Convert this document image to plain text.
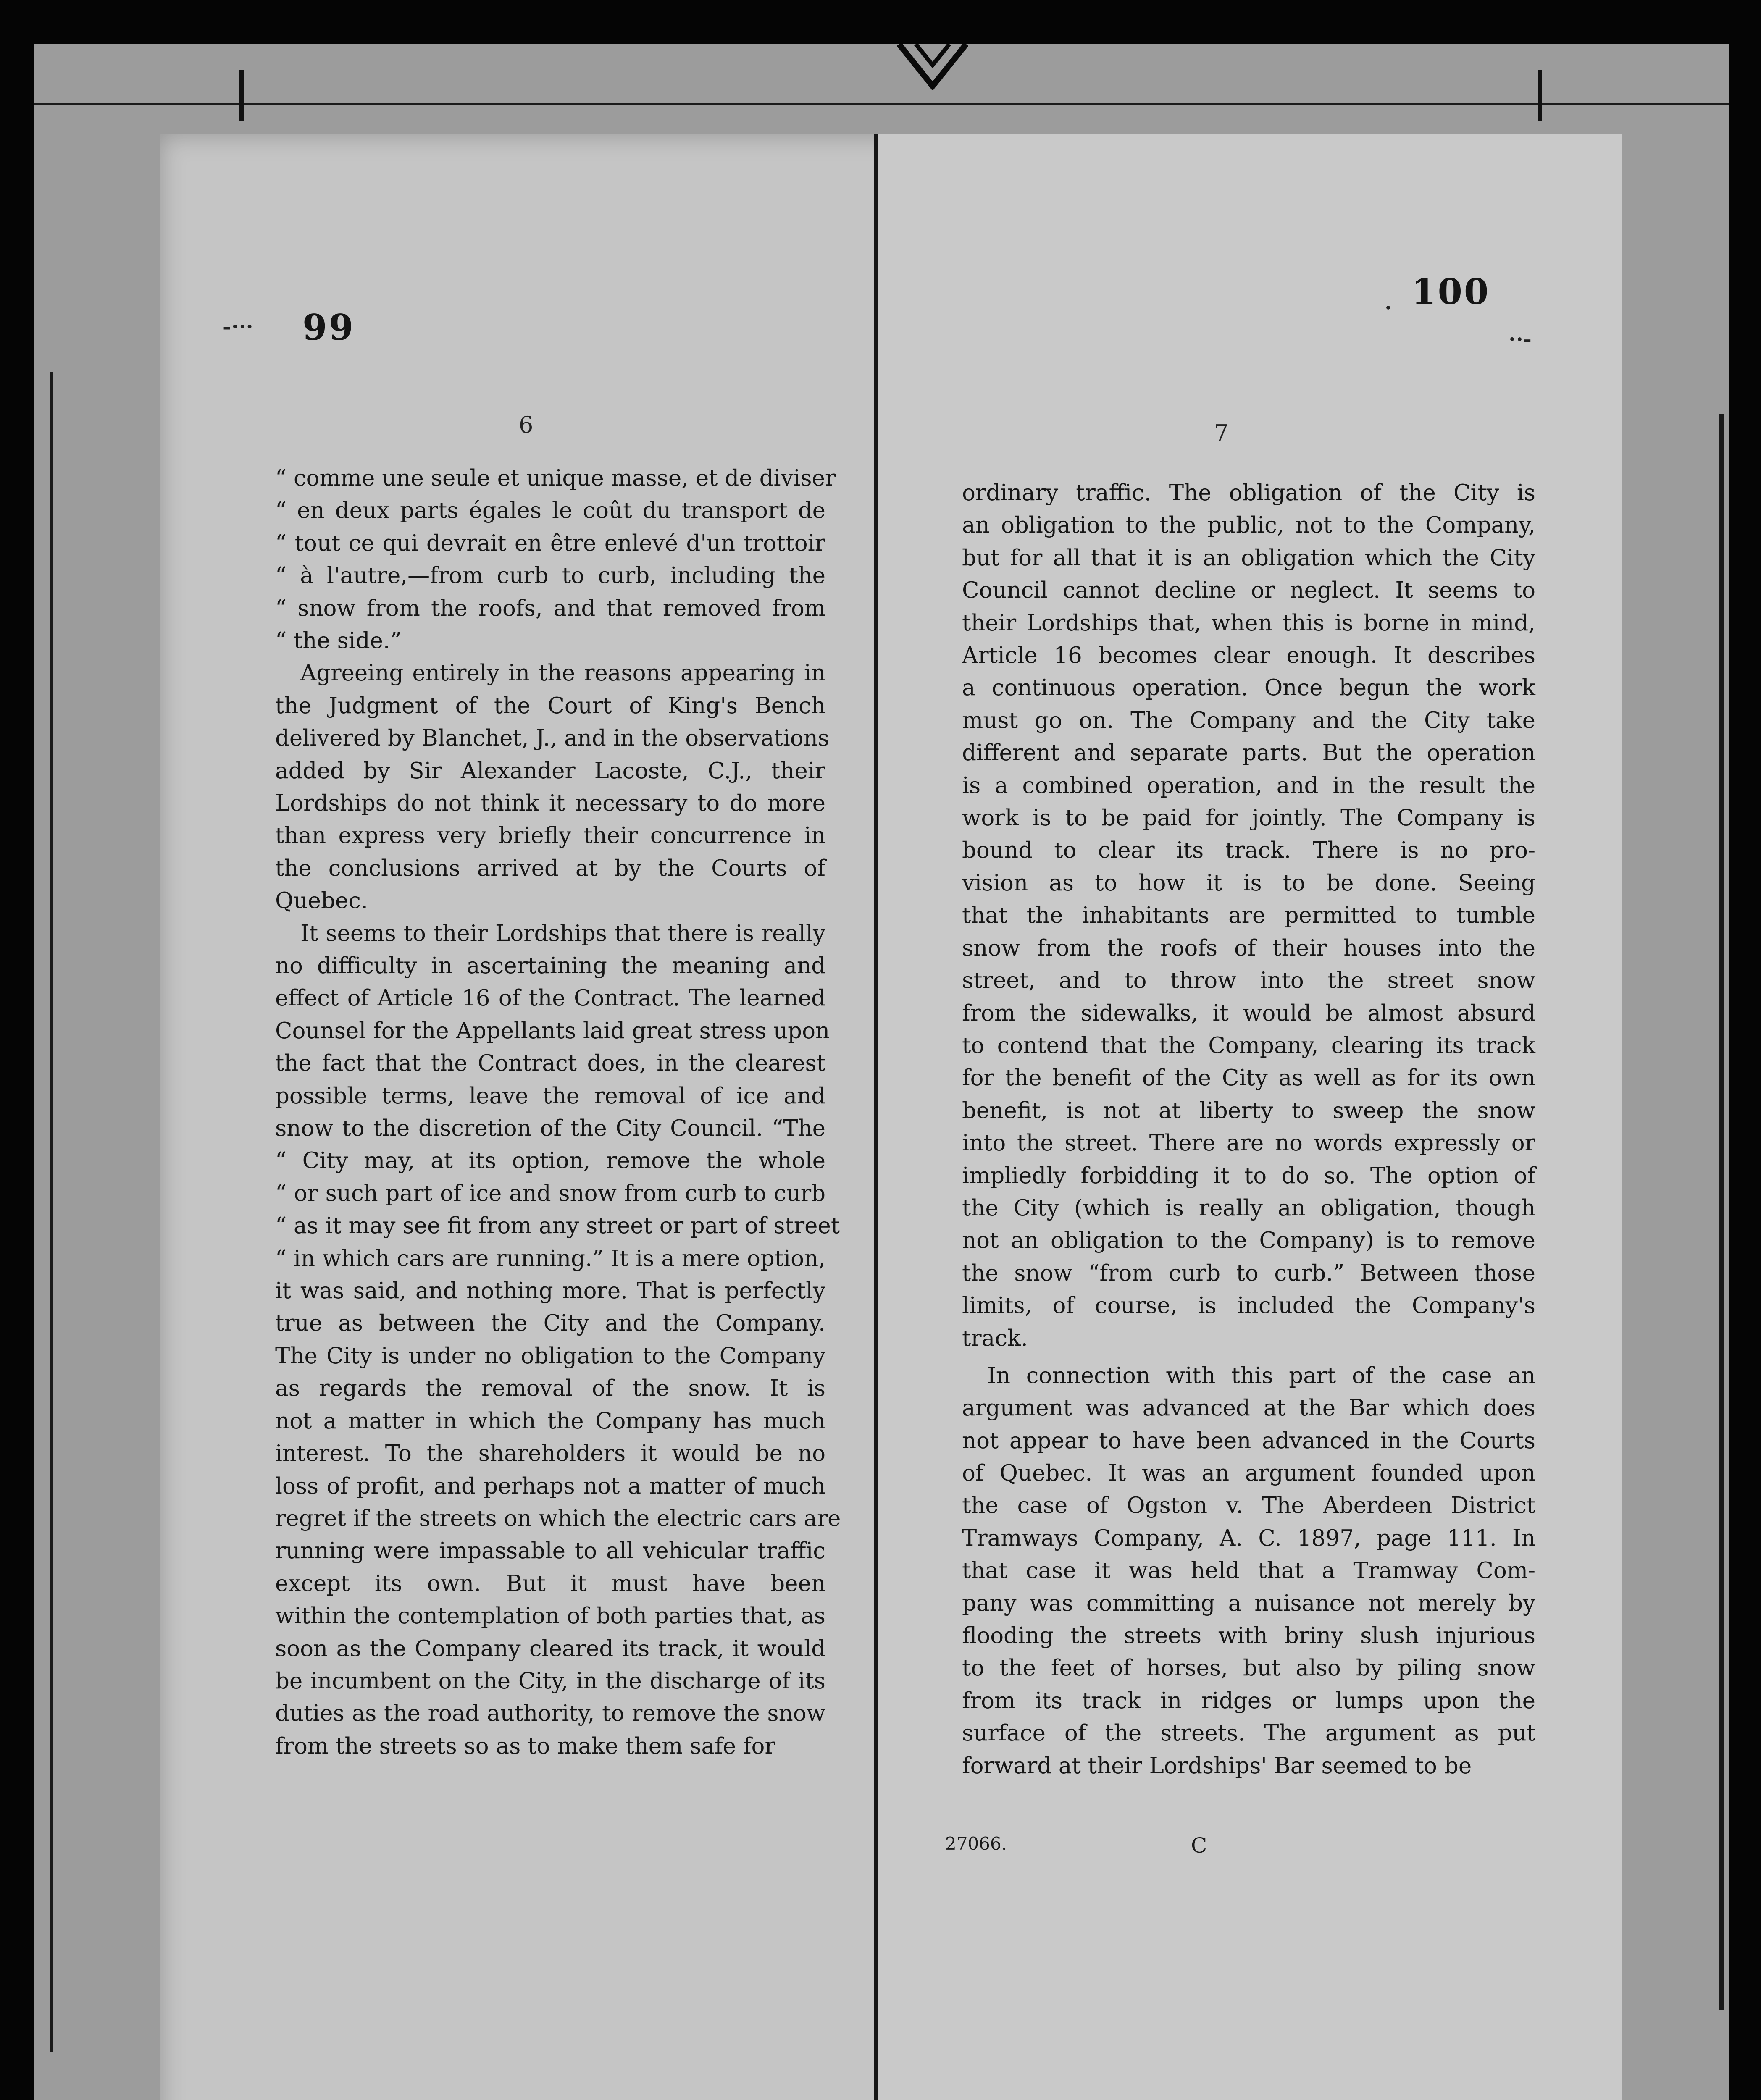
-⋅·· 99
6
“ comme une seule et unique masse, et de diviser
“ en deux parts égales le coût du transport de
“ tout ce qui devrait en être enlevé d'un trottoir
“ à l'autre,—from curb to curb, including the
“ snow from the roofs, and that removed from
“ the side.”
Agreeing entirely in the reasons appearing in
the Judgment of the Court of King's Bench
delivered by Blanchet, J., and in the observations
added by Sir Alexander Lacoste, C.J., their
Lordships do not think it necessary to do more
than express very briefly their concurrence in
the conclusions arrived at by the Courts of
Quebec.
It seems to their Lordships that there is really
no difficulty in ascertaining the meaning and
effect of Article 16 of the Contract. The learned
Counsel for the Appellants laid great stress upon
the fact that the Contract does, in the clearest
possible terms, leave the removal of ice and
snow to the discretion of the City Council. “The
“ City may, at its option, remove the whole
“ or such part of ice and snow from curb to curb
“ as it may see fit from any street or part of street
“ in which cars are running.” It is a mere option,
it was said, and nothing more. That is perfectly
true as between the City and the Company.
The City is under no obligation to the Company
as regards the removal of the snow. It is
not a matter in which the Company has much
interest. To the shareholders it would be no
loss of profit, and perhaps not a matter of much
regret if the streets on which the electric cars are
running were impassable to all vehicular traffic
except its own. But it must have been
within the contemplation of both parties that, as
soon as the Company cleared its track, it would
be incumbent on the City, in the discharge of its
duties as the road authority, to remove the snow
from the streets so as to make them safe for
⋅ 100
⋅·-
7
ordinary traffic. The obligation of the City is
an obligation to the public, not to the Company,
but for all that it is an obligation which the City
Council cannot decline or neglect. It seems to
their Lordships that, when this is borne in mind,
Article 16 becomes clear enough. It describes
a continuous operation. Once begun the work
must go on. The Company and the City take
different and separate parts. But the operation
is a combined operation, and in the result the
work is to be paid for jointly. The Company is
bound to clear its track. There is no pro-
vision as to how it is to be done. Seeing
that the inhabitants are permitted to tumble
snow from the roofs of their houses into the
street, and to throw into the street snow
from the sidewalks, it would be almost absurd
to contend that the Company, clearing its track
for the benefit of the City as well as for its own
benefit, is not at liberty to sweep the snow
into the street. There are no words expressly or
impliedly forbidding it to do so. The option of
the City (which is really an obligation, though
not an obligation to the Company) is to remove
the snow “from curb to curb.” Between those
limits, of course, is included the Company's
track.
In connection with this part of the case an
argument was advanced at the Bar which does
not appear to have been advanced in the Courts
of Quebec. It was an argument founded upon
the case of Ogston v. The Aberdeen District
Tramways Company, A. C. 1897, page 111. In
that case it was held that a Tramway Com-
pany was committing a nuisance not merely by
flooding the streets with briny slush injurious
to the feet of horses, but also by piling snow
from its track in ridges or lumps upon the
surface of the streets. The argument as put
forward at their Lordships' Bar seemed to be
27066.	C
